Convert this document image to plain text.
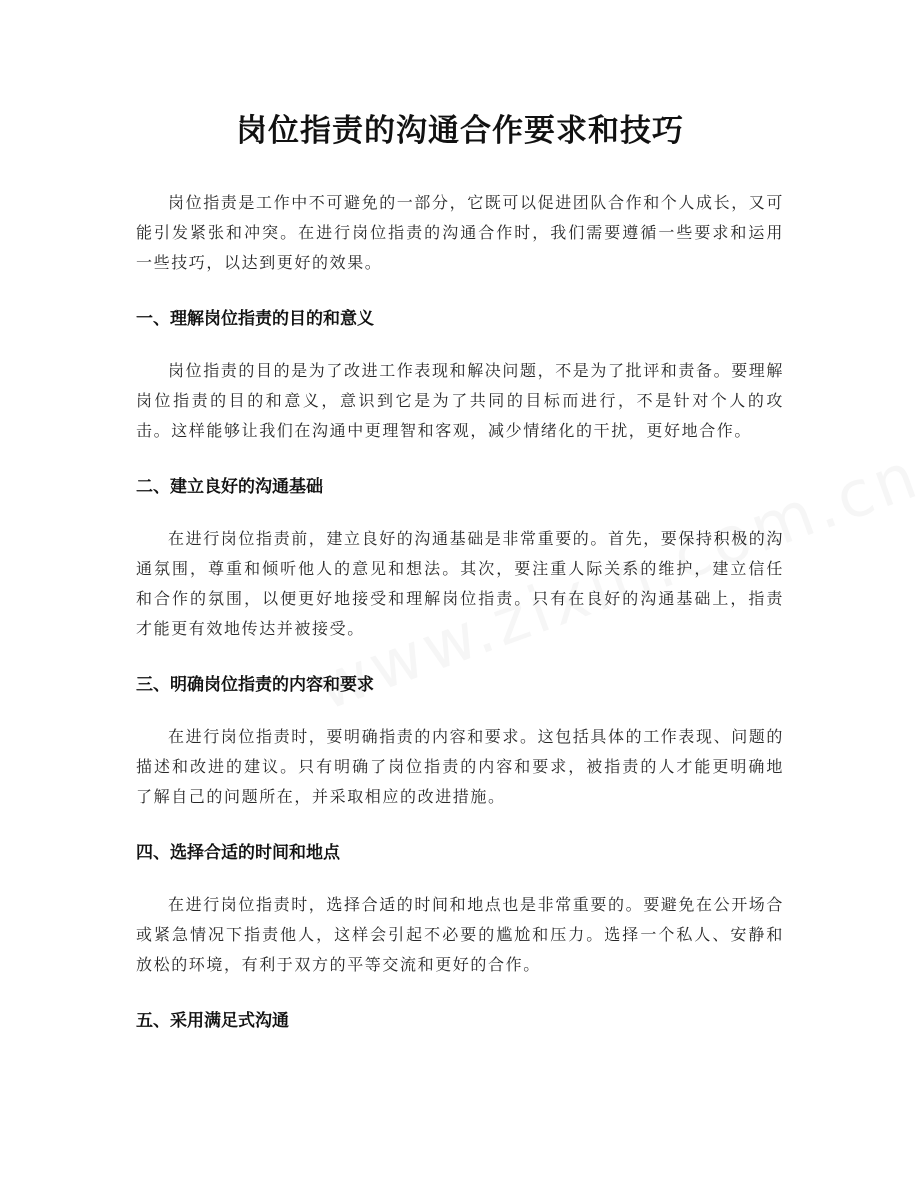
岗位指责的沟通合作要求和技巧

岗位指责是工作中不可避免的一部分，它既可以促进团队合作和个人成长，又可能引发紧张和冲突。在进行岗位指责的沟通合作时，我们需要遵循一些要求和运用一些技巧，以达到更好的效果。

一、理解岗位指责的目的和意义

岗位指责的目的是为了改进工作表现和解决问题，不是为了批评和责备。要理解岗位指责的目的和意义，意识到它是为了共同的目标而进行，不是针对个人的攻击。这样能够让我们在沟通中更理智和客观，减少情绪化的干扰，更好地合作。

二、建立良好的沟通基础

在进行岗位指责前，建立良好的沟通基础是非常重要的。首先，要保持积极的沟通氛围，尊重和倾听他人的意见和想法。其次，要注重人际关系的维护，建立信任和合作的氛围，以便更好地接受和理解岗位指责。只有在良好的沟通基础上，指责才能更有效地传达并被接受。

三、明确岗位指责的内容和要求

在进行岗位指责时，要明确指责的内容和要求。这包括具体的工作表现、问题的描述和改进的建议。只有明确了岗位指责的内容和要求，被指责的人才能更明确地了解自己的问题所在，并采取相应的改进措施。

四、选择合适的时间和地点

在进行岗位指责时，选择合适的时间和地点也是非常重要的。要避免在公开场合或紧急情况下指责他人，这样会引起不必要的尴尬和压力。选择一个私人、安静和放松的环境，有利于双方的平等交流和更好的合作。

五、采用满足式沟通
